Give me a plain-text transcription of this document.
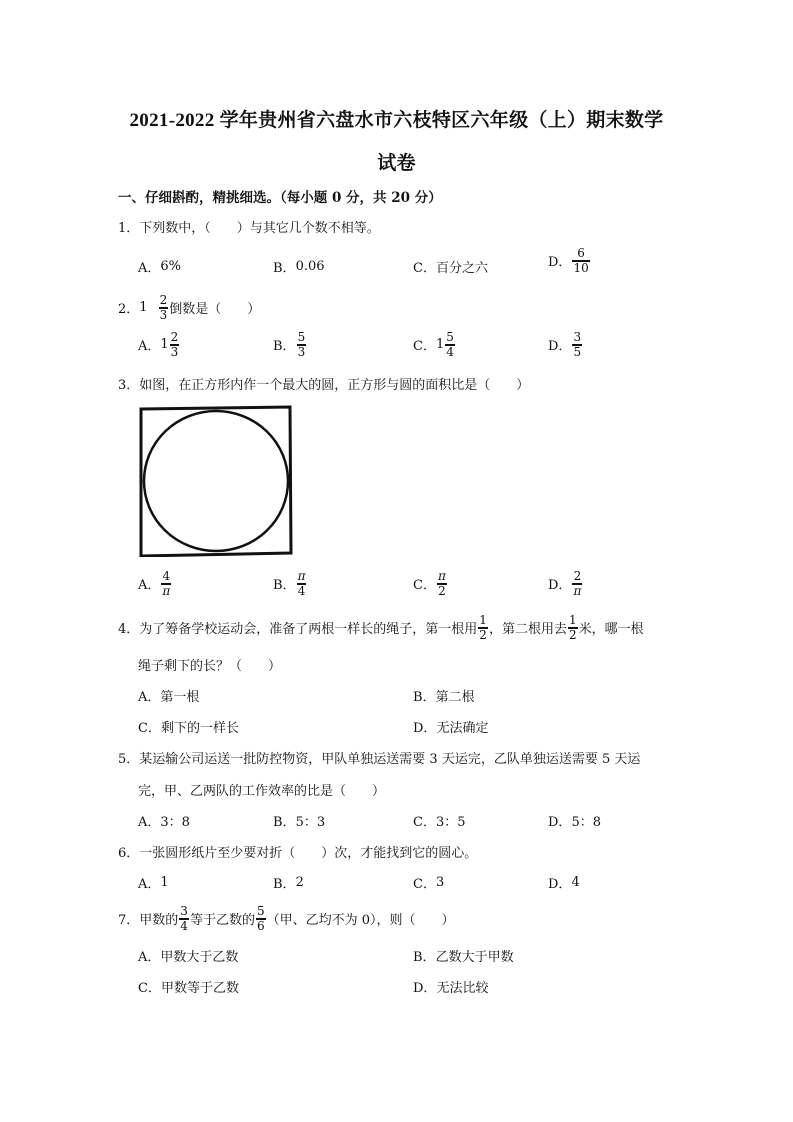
2021-2022 学年贵州省六盘水市六枝特区六年级（上）期末数学
试卷
一、仔细斟酌，精挑细选。（每小题 0 分，共 20 分）
1． 下列数中，（　　）与其它几个数不相等。
A． 6%	B． 0.06	C． 百分之六	D． $\frac{6}{10}$
2． $1 \frac{2}{3}$ 倒数是（　　）
A． $1 \frac{2}{3}$	B． $\frac{5}{3}$	C． $1 \frac{5}{4}$	D． $\frac{3}{5}$
3． 如图，在正方形内作一个最大的圆，正方形与圆的面积比是（　　）
A． $\frac{4}{\pi}$	B． $\frac{\pi}{4}$	C． $\frac{\pi}{2}$	D． $\frac{2}{\pi}$
4． 为了筹备学校运动会，准备了两根一样长的绳子，第一根用 $\frac{1}{2}$ ，第二根用去 $\frac{1}{2}$ 米，哪一根
绳子剩下的长？（　　）
A． 第一根	B． 第二根
C． 剩下的一样长	D． 无法确定
5． 某运输公司运送一批防控物资，甲队单独运送需要 3 天运完，乙队单独运送需要 5 天运
完，甲、乙两队的工作效率的比是（　　）
A． 3：8	B． 5：3	C． 3：5	D． 5：8
6． 一张圆形纸片至少要对折（　　）次，才能找到它的圆心。
A． 1	B． 2	C． 3	D． 4
7． 甲数的 $\frac{3}{4}$ 等于乙数的 $\frac{5}{6}$ （甲、乙均不为 0），则（　　）
A． 甲数大于乙数	B． 乙数大于甲数
C． 甲数等于乙数	D． 无法比较
